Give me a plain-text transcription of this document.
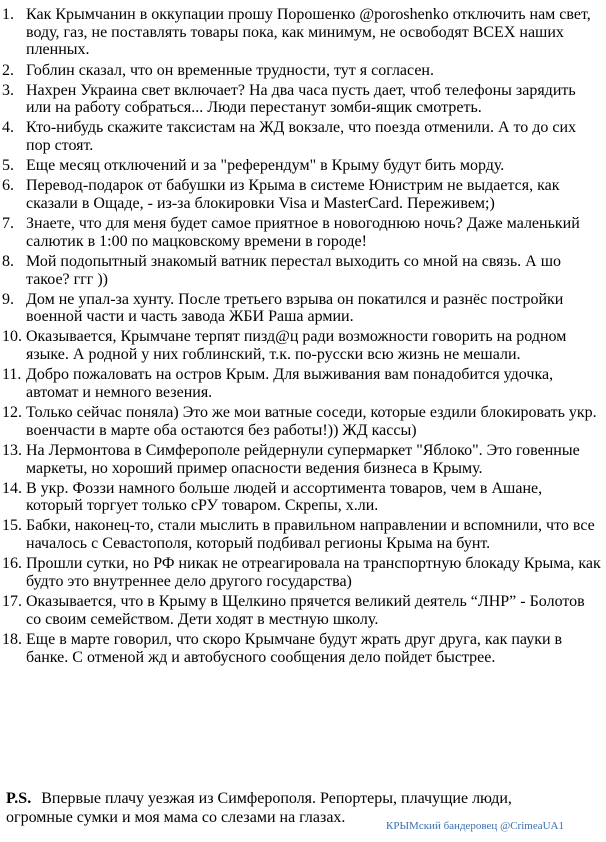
1. Как Крымчанин в оккупации прошу Порошенко @poroshenko отключить нам свет, воду, газ, не поставлять товары пока, как минимум, не освободят ВСЕХ наших пленных.
2. Гоблин сказал, что он временные трудности, тут я согласен.
3. Нахрен Украина свет включает? На два часа пусть дает, чтоб телефоны зарядить или на работу собраться... Люди перестанут зомби-ящик смотреть.
4. Кто-нибудь скажите таксистам на ЖД вокзале, что поезда отменили. А то до сих пор стоят.
5. Еще месяц отключений и за "референдум" в Крыму будут бить морду.
6. Перевод-подарок от бабушки из Крыма в системе Юнистрим не выдается, как сказали в Ощаде, - из-за блокировки Visa и MasterCard. Переживем;)
7. Знаете, что для меня будет самое приятное в новогоднюю ночь? Даже маленький салютик в 1:00 по мацковскому времени в городе!
8. Мой подопытный знакомый ватник перестал выходить со мной на связь. А шо такое? ггг ))
9. Дом не упал-за хунту. После третьего взрыва он покатился и разнёс постройки военной части и часть завода ЖБИ Раша армии.
10. Оказывается, Крымчане терпят пизд@ц ради возможности говорить на родном языке. А родной у них гоблинский, т.к. по-русски всю жизнь не мешали.
11. Добро пожаловать на остров Крым. Для выживания вам понадобится удочка, автомат и немного везения.
12. Только сейчас поняла) Это же мои ватные соседи, которые ездили блокировать укр. военчасти в марте оба остаются без работы!)) ЖД кассы)
13. На Лермонтова в Симферополе рейдернули супермаркет "Яблоко". Это говенные маркеты, но хороший пример опасности ведения бизнеса в Крыму.
14. В укр. Фоззи намного больше людей и ассортимента товаров, чем в Ашане, который торгует только сРУ товаром. Скрепы, х.ли.
15. Бабки, наконец-то, стали мыслить в правильном направлении и вспомнили, что все началось с Севастополя, который подбивал регионы Крыма на бунт.
16. Прошли сутки, но РФ никак не отреагировала на транспортную блокаду Крыма, как будто это внутреннее дело другого государства)
17. Оказывается, что в Крыму в Щелкино прячется великий деятель “ЛНР” - Болотов со своим семейством. Дети ходят в местную школу.
18. Еще в марте говорил, что скоро Крымчане будут жрать друг друга, как пауки в банке. С отменой жд и автобусного сообщения дело пойдет быстрее.
P.S. Впервые плачу уезжая из Симферополя. Репортеры, плачущие люди, огромные сумки и моя мама со слезами на глазах.	КРЫМский бандеровец @CrimeaUA1
